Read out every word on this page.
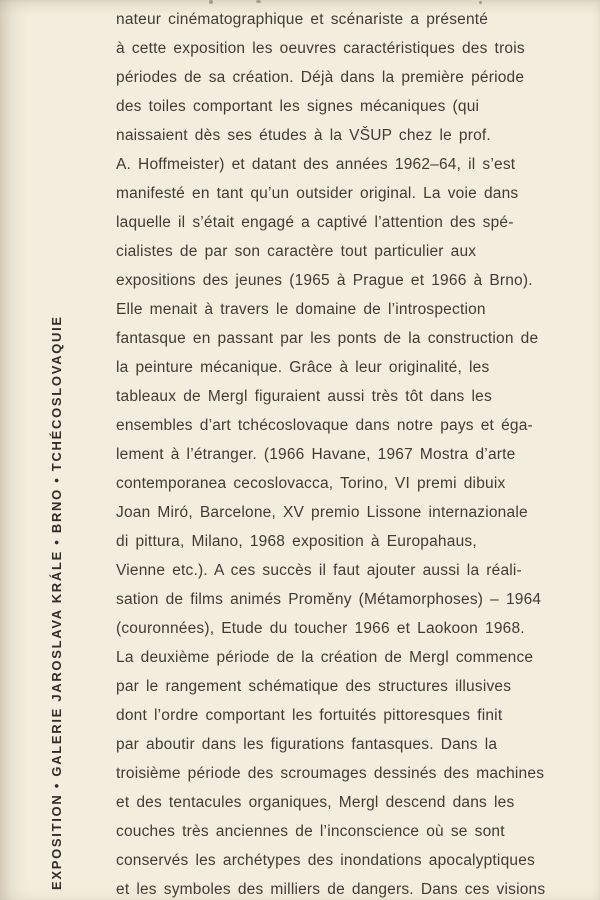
EXPOSITION • GALERIE JAROSLAVA KRÁLE • BRNO • TCHÉCOSLOVAQUIE
nateur cinématographique et scénariste a présenté
à cette exposition les oeuvres caractéristiques des trois
périodes de sa création. Déjà dans la première période
des toiles comportant les signes mécaniques (qui
naissaient dès ses études à la VŠUP chez le prof.
A. Hoffmeister) et datant des années 1962–64, il s’est
manifesté en tant qu’un outsider original. La voie dans
laquelle il s’était engagé a captivé l’attention des spé-
cialistes de par son caractère tout particulier aux
expositions des jeunes (1965 à Prague et 1966 à Brno).
Elle menait à travers le domaine de l’introspection
fantasque en passant par les ponts de la construction de
la peinture mécanique. Grâce à leur originalité, les
tableaux de Mergl figuraient aussi très tôt dans les
ensembles d’art tchécoslovaque dans notre pays et éga-
lement à l’étranger. (1966 Havane, 1967 Mostra d’arte
contemporanea cecoslovacca, Torino, VI premi dibuix
Joan Miró, Barcelone, XV premio Lissone internazionale
di pittura, Milano, 1968 exposition à Europahaus,
Vienne etc.). A ces succès il faut ajouter aussi la réali-
sation de films animés Proměny (Métamorphoses) – 1964
(couronnées), Etude du toucher 1966 et Laokoon 1968.
La deuxième période de la création de Mergl commence
par le rangement schématique des structures illusives
dont l’ordre comportant les fortuités pittoresques finit
par aboutir dans les figurations fantasques. Dans la
troisième période des scroumages dessinés des machines
et des tentacules organiques, Mergl descend dans les
couches très anciennes de l’inconscience où se sont
conservés les archétypes des inondations apocalyptiques
et les symboles des milliers de dangers. Dans ces visions
